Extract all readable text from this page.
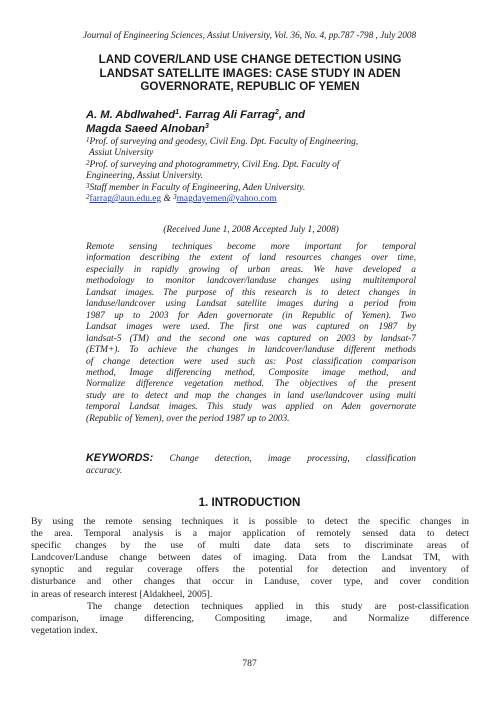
Journal of Engineering Sciences, Assiut University, Vol. 36, No. 4, pp.787 -798 , July 2008
LAND COVER/LAND USE CHANGE DETECTION USING
LANDSAT SATELLITE IMAGES: CASE STUDY IN ADEN
GOVERNORATE, REPUBLIC OF YEMEN
A. M. Abdlwahed$^1$. Farrag Ali Farrag$^2$, and
Magda Saeed Alnoban$^3$
$^1$Prof. of surveying and geodesy, Civil Eng. Dpt. Faculty of Engineering,
Assiut University
$^2$Prof. of surveying and photogrammetry, Civil Eng. Dpt. Faculty of
Engineering, Assiut University.
$^3$Staff member in Faculty of Engineering, Aden University.
$^2$farrag@aun.edu.eg & $^3$magdayemen@yahoo.com
(Received June 1, 2008 Accepted July 1, 2008)
Remote sensing techniques become more important for temporal
information describing the extent of land resources changes over time,
especially in rapidly growing of urban areas. We have developed a
methodology to monitor landcover/landuse changes using multitemporal
Landsat images. The purpose of this research is to detect changes in
landuse/landcover using Landsat satellite images during a period from
1987 up to 2003 for Aden governorate (in Republic of Yemen). Two
Landsat images were used. The first one was captured on 1987 by
landsat-5 (TM) and the second one was captured on 2003 by landsat-7
(ETM+). To achieve the changes in landcover/landuse different methods
of change detection were used such as: Post classification comparison
method, Image differencing method, Composite image method, and
Normalize difference vegetation method. The objectives of the present
study are to detect and map the changes in land use/landcover using multi
temporal Landsat images. This study was applied on Aden governorate
(Republic of Yemen), over the period 1987 up to 2003.
KEYWORDS: Change detection, image processing, classification
accuracy.
1. INTRODUCTION
By using the remote sensing techniques it is possible to detect the specific changes in
the area. Temporal analysis is a major application of remotely sensed data to detect
specific changes by the use of multi date data sets to discriminate areas of
Landcover/Landuse change between dates of imaging. Data from the Landsat TM, with
synoptic and regular coverage offers the potential for detection and inventory of
disturbance and other changes that occur in Landuse, cover type, and cover condition
in areas of research interest [Aldakheel, 2005].
The change detection techniques applied in this study are post-classification
comparison, image differencing, Compositing image, and Normalize difference
vegetation index.
787
